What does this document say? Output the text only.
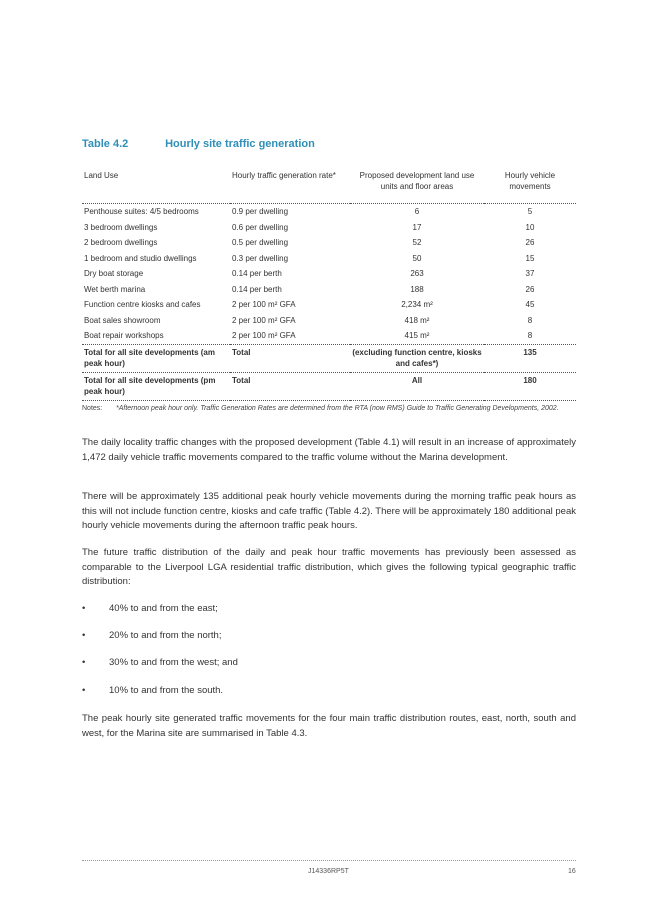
Table 4.2	Hourly site traffic generation
Land Use	Hourly traffic generation rate*	Proposed development land use units and floor areas	Hourly vehicle movements
Penthouse suites: 4/5 bedrooms	0.9 per dwelling	6	5
3 bedroom dwellings	0.6 per dwelling	17	10
2 bedroom dwellings	0.5 per dwelling	52	26
1 bedroom and studio dwellings	0.3 per dwelling	50	15
Dry boat storage	0.14 per berth	263	37
Wet berth marina	0.14 per berth	188	26
Function centre kiosks and cafes	2 per 100 m² GFA	2,234 m²	45
Boat sales showroom	2 per 100 m² GFA	418 m²	8
Boat repair workshops	2 per 100 m² GFA	415 m²	8
Total for all site developments (am peak hour)	Total	(excluding function centre, kiosks and cafes*)	135
Total for all site developments (pm peak hour)	Total	All	180
Notes: *Afternoon peak hour only. Traffic Generation Rates are determined from the RTA (now RMS) Guide to Traffic Generating Developments, 2002.

The daily locality traffic changes with the proposed development (Table 4.1) will result in an increase of approximately 1,472 daily vehicle traffic movements compared to the traffic volume without the Marina development.

There will be approximately 135 additional peak hourly vehicle movements during the morning traffic peak hours as this will not include function centre, kiosks and cafe traffic (Table 4.2). There will be approximately 180 additional peak hourly vehicle movements during the afternoon traffic peak hours.

The future traffic distribution of the daily and peak hour traffic movements has previously been assessed as comparable to the Liverpool LGA residential traffic distribution, which gives the following typical geographic traffic distribution:

• 40% to and from the east;
• 20% to and from the north;
• 30% to and from the west; and
• 10% to and from the south.

The peak hourly site generated traffic movements for the four main traffic distribution routes, east, north, south and west, for the Marina site are summarised in Table 4.3.

J14336RP5T	16
